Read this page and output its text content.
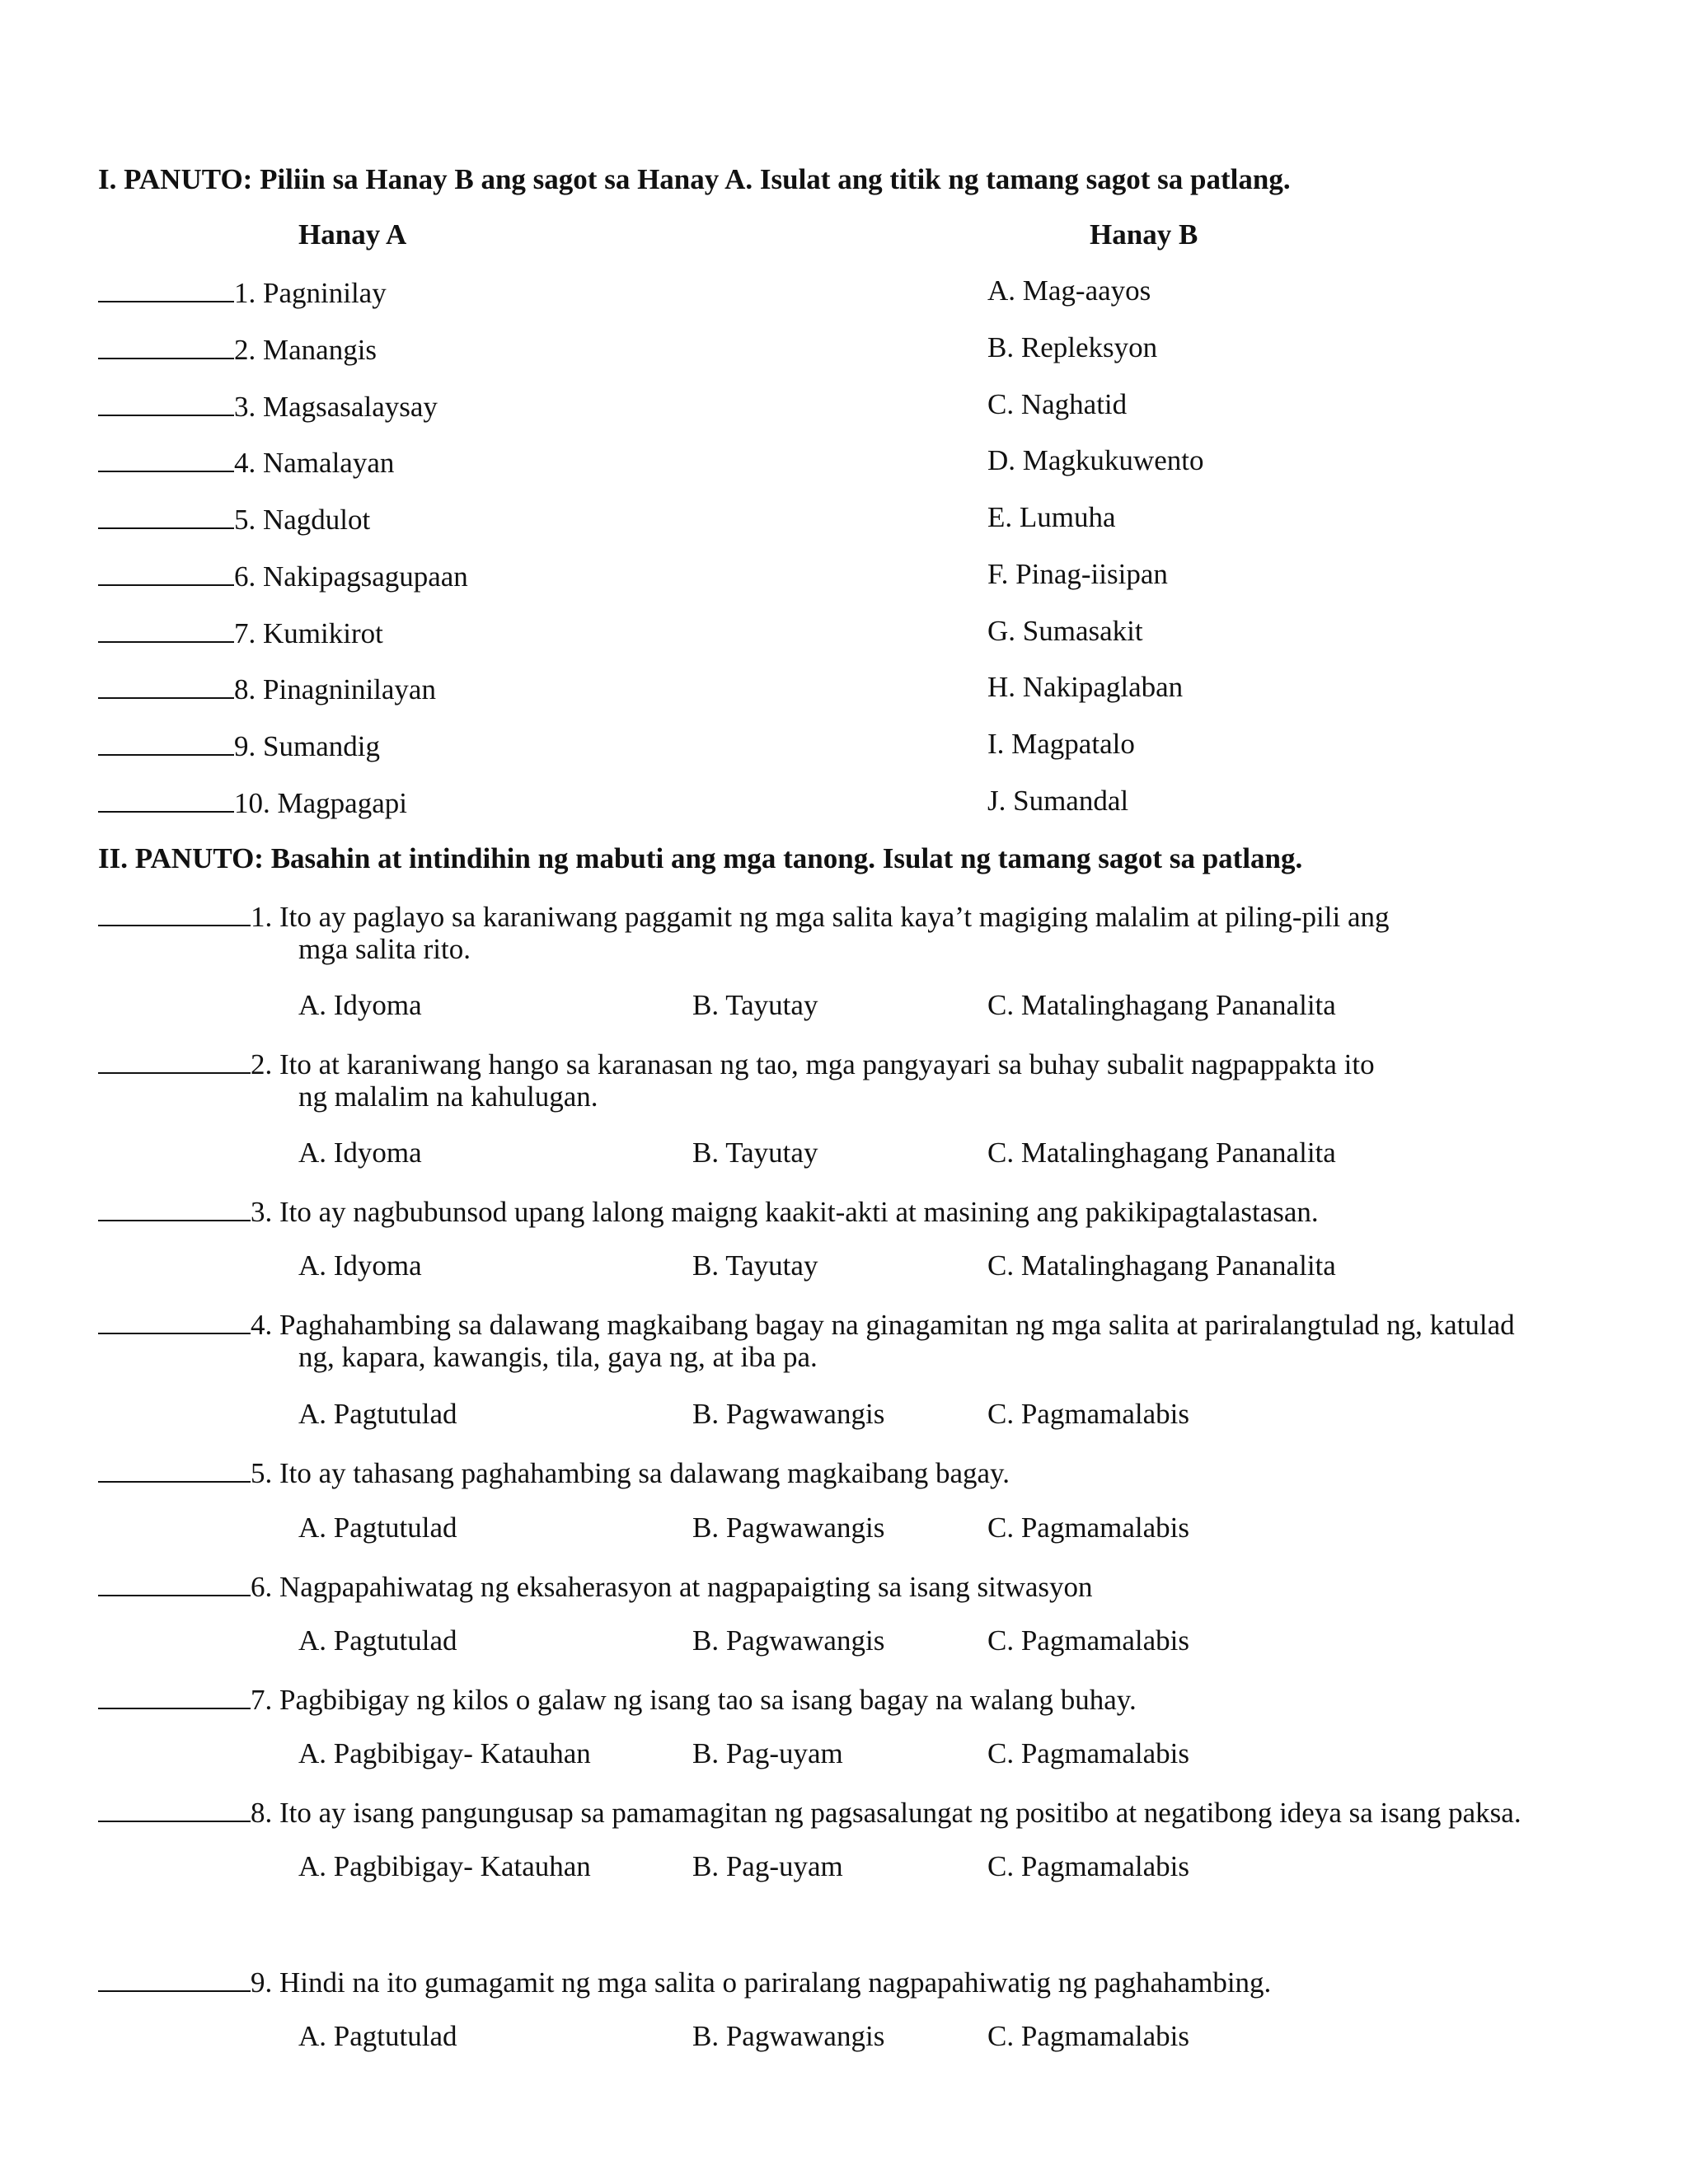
I. PANUTO: Piliin sa Hanay B ang sagot sa Hanay A. Isulat ang titik ng tamang sagot sa patlang.
Hanay A	Hanay B
1. Pagninilay	A. Mag-aayos
2. Manangis	B. Repleksyon
3. Magsasalaysay	C. Naghatid
4. Namalayan	D. Magkukuwento
5. Nagdulot	E. Lumuha
6. Nakipagsagupaan	F. Pinag-iisipan
7. Kumikirot	G. Sumasakit
8. Pinagninilayan	H. Nakipaglaban
9. Sumandig	I. Magpatalo
10. Magpagapi	J. Sumandal
II. PANUTO: Basahin at intindihin ng mabuti ang mga tanong. Isulat ng tamang sagot sa patlang.
1. Ito ay paglayo sa karaniwang paggamit ng mga salita kaya’t magiging malalim at piling-pili ang
mga salita rito.
A. Idyoma	B. Tayutay	C. Matalinghagang Pananalita
2. Ito at karaniwang hango sa karanasan ng tao, mga pangyayari sa buhay subalit nagpappakta ito
ng malalim na kahulugan.
A. Idyoma	B. Tayutay	C. Matalinghagang Pananalita
3. Ito ay nagbubunsod upang lalong maigng kaakit-akti at masining ang pakikipagtalastasan.
A. Idyoma	B. Tayutay	C. Matalinghagang Pananalita
4. Paghahambing sa dalawang magkaibang bagay na ginagamitan ng mga salita at pariralangtulad ng, katulad
ng, kapara, kawangis, tila, gaya ng, at iba pa.
A. Pagtutulad	B. Pagwawangis	C. Pagmamalabis
5. Ito ay tahasang paghahambing sa dalawang magkaibang bagay.
A. Pagtutulad	B. Pagwawangis	C. Pagmamalabis
6. Nagpapahiwatag ng eksaherasyon at nagpapaigting sa isang sitwasyon
A. Pagtutulad	B. Pagwawangis	C. Pagmamalabis
7. Pagbibigay ng kilos o galaw ng isang tao sa isang bagay na walang buhay.
A. Pagbibigay- Katauhan	B. Pag-uyam	C. Pagmamalabis
8. Ito ay isang pangungusap sa pamamagitan ng pagsasalungat ng positibo at negatibong ideya sa isang paksa.
A. Pagbibigay- Katauhan	B. Pag-uyam	C. Pagmamalabis
9. Hindi na ito gumagamit ng mga salita o pariralang nagpapahiwatig ng paghahambing.
A. Pagtutulad	B. Pagwawangis	C. Pagmamalabis
